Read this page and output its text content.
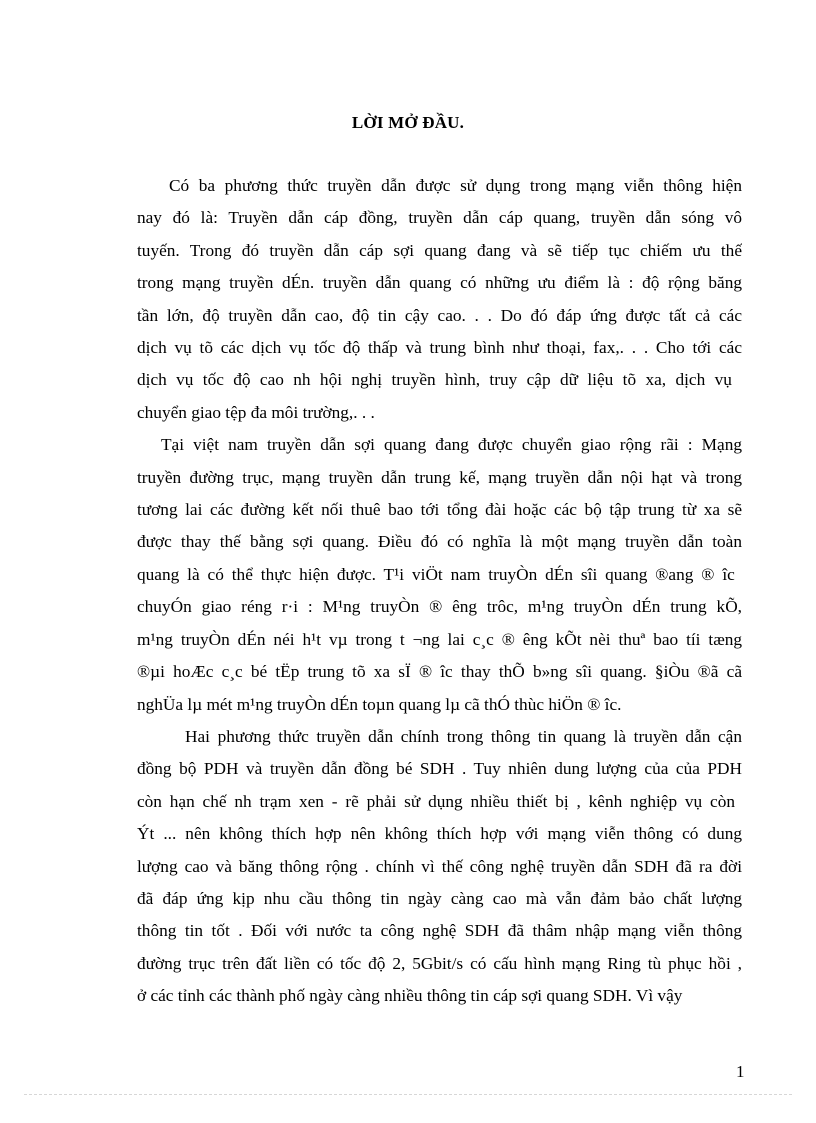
LỜI MỞ ĐẦU.

Có ba phương thức truyền dẫn được sử dụng trong mạng viễn thông hiện
nay đó là: Truyền dẫn cáp đồng, truyền dẫn cáp quang, truyền dẫn sóng vô
tuyến. Trong đó truyền dẫn cáp sợi quang đang và sẽ tiếp tục chiếm ưu thế
trong mạng truyền dÉn. truyền dẫn quang có những ưu điểm là : độ rộng băng
tần lớn, độ truyền dẫn cao, độ tin cậy cao. . . Do đó đáp ứng được tất cả các
dịch vụ tõ các dịch vụ tốc độ thấp và trung bình như thoại, fax,. . . Cho tới các
dịch vụ tốc độ cao nh hội nghị truyền hình, truy cập dữ liệu tõ xa, dịch vụ
chuyển giao tệp đa môi trường,. . .

Tại việt nam truyền dẫn sợi quang đang được chuyển giao rộng rãi : Mạng
truyền đường trục, mạng truyền dẫn trung kế, mạng truyền dẫn nội hạt và trong
tương lai các đường kết nối thuê bao tới tổng đài hoặc các bộ tập trung từ xa sẽ
được thay thế bằng sợi quang. Điều đó có nghĩa là một mạng truyền dẫn toàn
quang là có thể thực hiện được. T¹i viÖt nam truyÒn dÉn sîi quang ®ang ® îc
chuyÓn giao réng r·i : M¹ng truyÒn ® êng trôc, m¹ng truyÒn dÉn trung kÕ,
m¹ng truyÒn dÉn néi h¹t vµ trong t ¬ng lai c¸c ® êng kÕt nèi thuª bao tíi tæng
®µi hoÆc c¸c bé tËp trung tõ xa sÏ ® îc thay thÕ b»ng sîi quang. §iÒu ®ã cã
nghÜa lµ mét m¹ng truyÒn dÉn toµn quang lµ cã thÓ thùc hiÖn ® îc.

Hai phương thức truyền dẫn chính trong thông tin quang là truyền dẫn cận
đồng bộ PDH và truyền dẫn đồng bé SDH . Tuy nhiên dung lượng của của PDH
còn hạn chế nh trạm xen - rẽ phải sử dụng nhiều thiết bị , kênh nghiệp vụ còn
Ýt ... nên không thích hợp nên không thích hợp với mạng viễn thông có dung
lượng cao và băng thông rộng . chính vì thế công nghệ truyền dẫn SDH đã ra đời
đã đáp ứng kịp nhu cầu thông tin ngày càng cao mà vẫn đảm bảo chất lượng
thông tin tốt . Đối với nước ta công nghệ SDH đã thâm nhập mạng viễn thông
đường trục trên đất liền có tốc độ 2, 5Gbit/s có cấu hình mạng Ring tù phục hồi ,
ở các tỉnh các thành phố ngày càng nhiều thông tin cáp sợi quang SDH. Vì vậy

1
